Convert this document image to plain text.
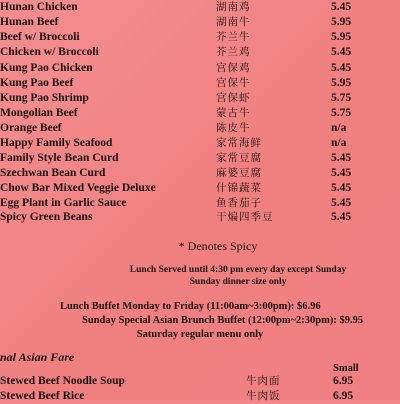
Hunan Chicken	湖南鸡	5.45
Hunan Beef	湖南牛	5.95
Beef w/ Broccoli	芥兰牛	5.95
Chicken w/ Broccoli	芥兰鸡	5.45
Kung Pao Chicken	宫保鸡	5.45
Kung Pao Beef	宫保牛	5.95
Kung Pao Shrimp	宫保虾	5.75
Mongolian Beef	蒙古牛	5.75
Orange Beef	陈皮牛	n/a
Happy Family Seafood	家常海鲜	n/a
Family Style Bean Curd	家常豆腐	5.45
Szechwan Bean Curd	麻婆豆腐	5.45
Chow Bar Mixed Veggie Deluxe	什锦蔬菜	5.45
Egg Plant in Garlic Sauce	鱼香茄子	5.45
Spicy Green Beans	干煸四季豆	5.45
* Denotes Spicy
Lunch Served until 4:30 pm every day except Sunday
Sunday dinner size only
Lunch Buffet Monday to Friday (11:00am~3:00pm): $6.96
Sunday Special Asian Brunch Buffet (12:00pm~2:30pm): $9.95
Saturday regular menu only
nal Asian Fare
Small
Stewed Beef Noodle Soup	牛肉面	6.95
Stewed Beef Rice	牛肉饭	6.95
